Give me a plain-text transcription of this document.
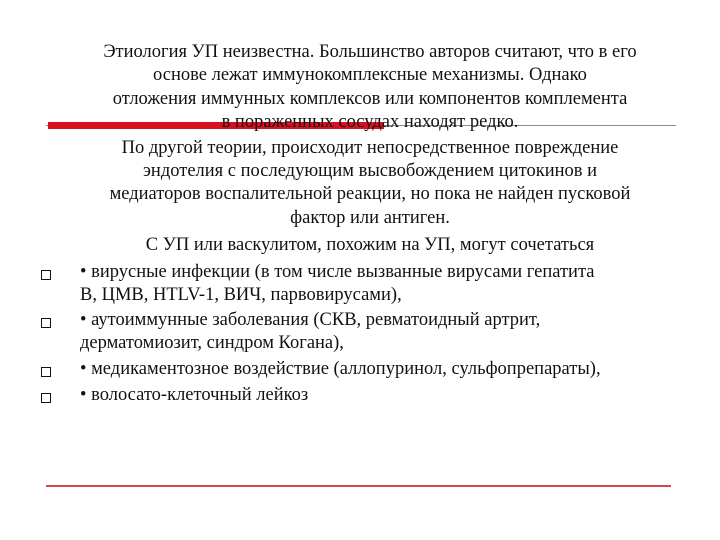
Этиология УП неизвестна. Большинство авторов считают, что в его

основе лежат иммунокомплексные механизмы. Однако

отложения иммунных комплексов или компонентов комплемента

в пораженных сосудах находят редко.

По другой теории, происходит непосредственное повреждение

эндотелия с последующим высвобождением цитокинов и

медиаторов воспалительной реакции, но пока не найден пусковой

фактор или антиген.

С УП или васкулитом, похожим на УП, могут сочетаться

• вирусные инфекции (в том числе вызванные вирусами гепатита

В, ЦМВ, HTLV-1, ВИЧ, парвовирусами),

• аутоиммунные заболевания (СКВ, ревматоидный артрит,

дерматомиозит, синдром Когана),

• медикаментозное воздействие (аллопуринол, сульфопрепараты),

• волосато-клеточный лейкоз
